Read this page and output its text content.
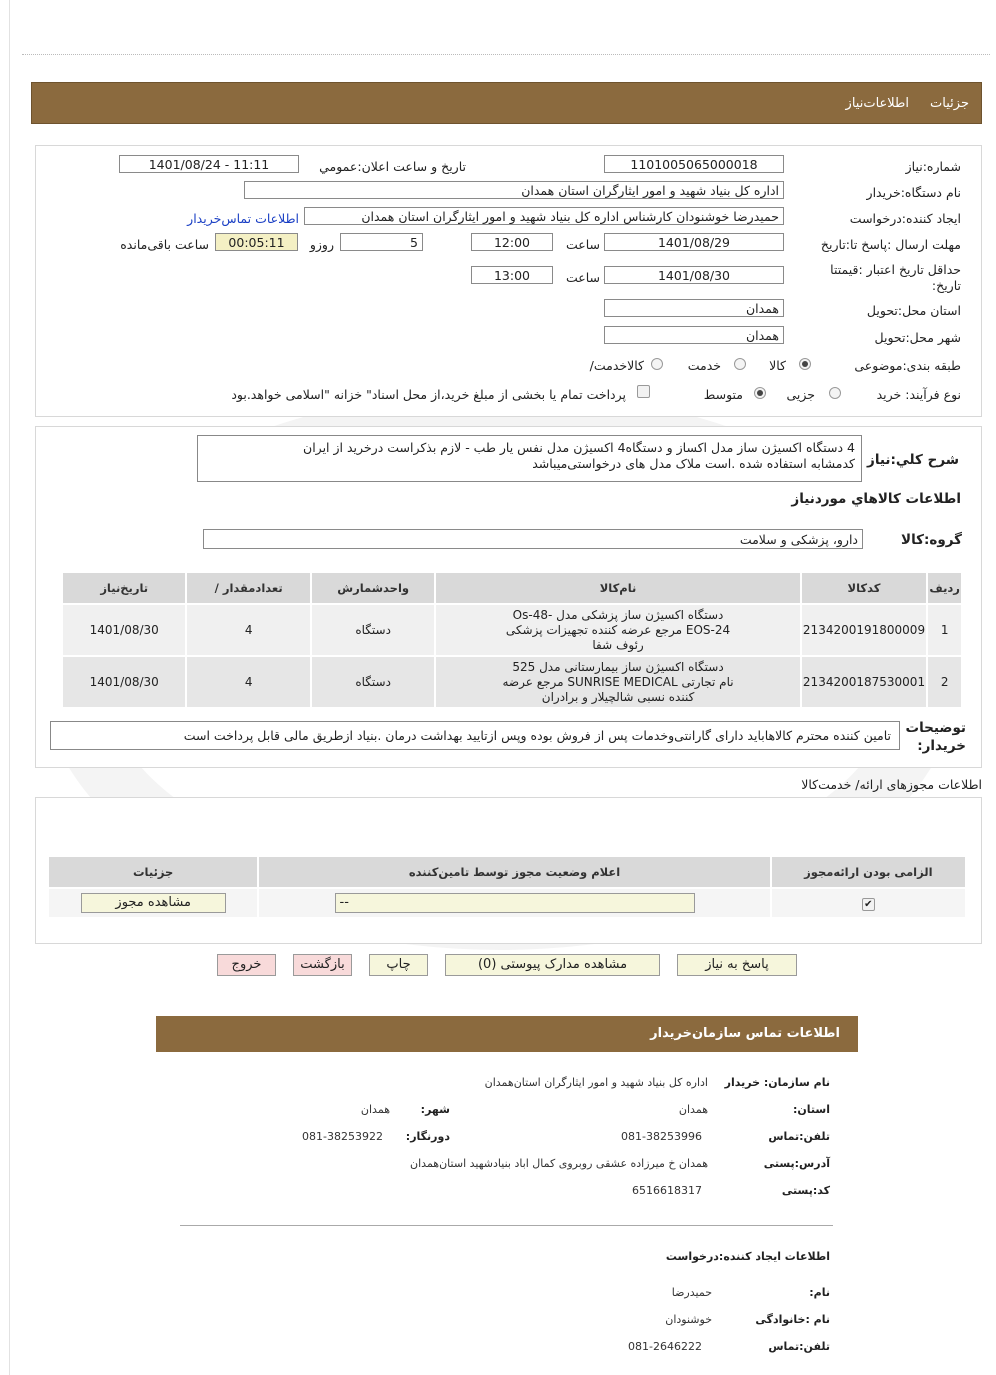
جزئیات
اطلاعات‌نیاز
شماره:نیاز
1101005065000018
تاریخ و ساعت اعلان:عمومي
1401/08/24 - 11:11
نام دستگاه:خریدار
اداره کل بنیاد شهید و امور ایثارگران استان همدان
ایجاد کننده:درخواست
حمیدرضا خوشنودان کارشناس اداره کل بنیاد شهید و امور ایثارگران استان همدان
اطلاعات تماس‌خریدار
مهلت ارسال :پاسخ تا:تاریخ
1401/08/29
ساعت
12:00
5
روزو
00:05:11
ساعت باقی‌مانده
حداقل تاریخ اعتبار :قیمتتا
:تاریخ
1401/08/30
ساعت
13:00
استان محل:تحویل
همدان
شهر محل:تحویل
همدان
طبقه بندی:موضوعی
کالا
خدمت
/کالاخدمت
نوع فرآیند: خرید
جزیی
متوسط
پرداخت تمام یا بخشی از مبلغ خرید،از محل اسناد" خزانه "اسلامی خواهد.بود
شرح کلي:نیاز
4 دستگاه اکسیژن ساز مدل اکساز و دستگاه4 اکسیژن مدل نفس یار طب - لازم بذکراست درخرید از ایران
کدمشابه استفاده شده .است ملاک مدل های درخواستی‌میباشد
اطلاعات کالاهاي موردنیاز
گروه:کالا
دارو، پزشکی و سلامت
تاریخ‌نیاز	/ تعدادمقدار	واحدشمارش	نام‌کالا	کدکالا	ردیف
1401/08/30	4	دستگاه	دستگاه اکسیژن ساز پزشکی مدل -Os-48
EOS-24 مرجع عرضه کننده تجهیزات پزشکی
رئوف شفا	2134200191800009	1
1401/08/30	4	دستگاه	دستگاه اکسیژن ساز بیمارستانی مدل 525
نام تجارتی SUNRISE MEDICAL مرجع عرضه
کننده نسبی شالچیلار و برادران	2134200187530001	2
توضیحات
:خریدار
تامین کننده محترم کالاهاباید دارای گارانتی‌وخدمات پس از فروش بوده وپس ازتایید بهداشت درمان .بنیاد ازطریق مالی قابل پرداخت است
اطلاعات مجوزهای ارائه/ خدمت‌کالا
جزئیات	اعلام وضعیت مجوز توسط تامین‌کننده	الزامی بودن ارائه‌مجوز
مشاهده مجوز	--	✔
پاسخ به نیاز
مشاهده مدارک پیوستی (0)
چاپ
بازگشت
خروج
اطلاعات تماس سازمان‌خریدار
نام سازمان: خریدار
اداره کل بنیاد شهید و امور ایثارگران استان‌همدان
:استان
همدان
:شهر
همدان
تلفن:تماس
081-38253996
:دورنگار
081-38253922
آدرس:پستی
همدان خ میرزاده عشقی روبروی کمال اباد بنیادشهید استان‌همدان
کد:پستی
6516618317
اطلاعات ایجاد کننده:درخواست
:نام
حمیدرضا
نام :خانوادگی
خوشنودان
تلفن:تماس
081-2646222
